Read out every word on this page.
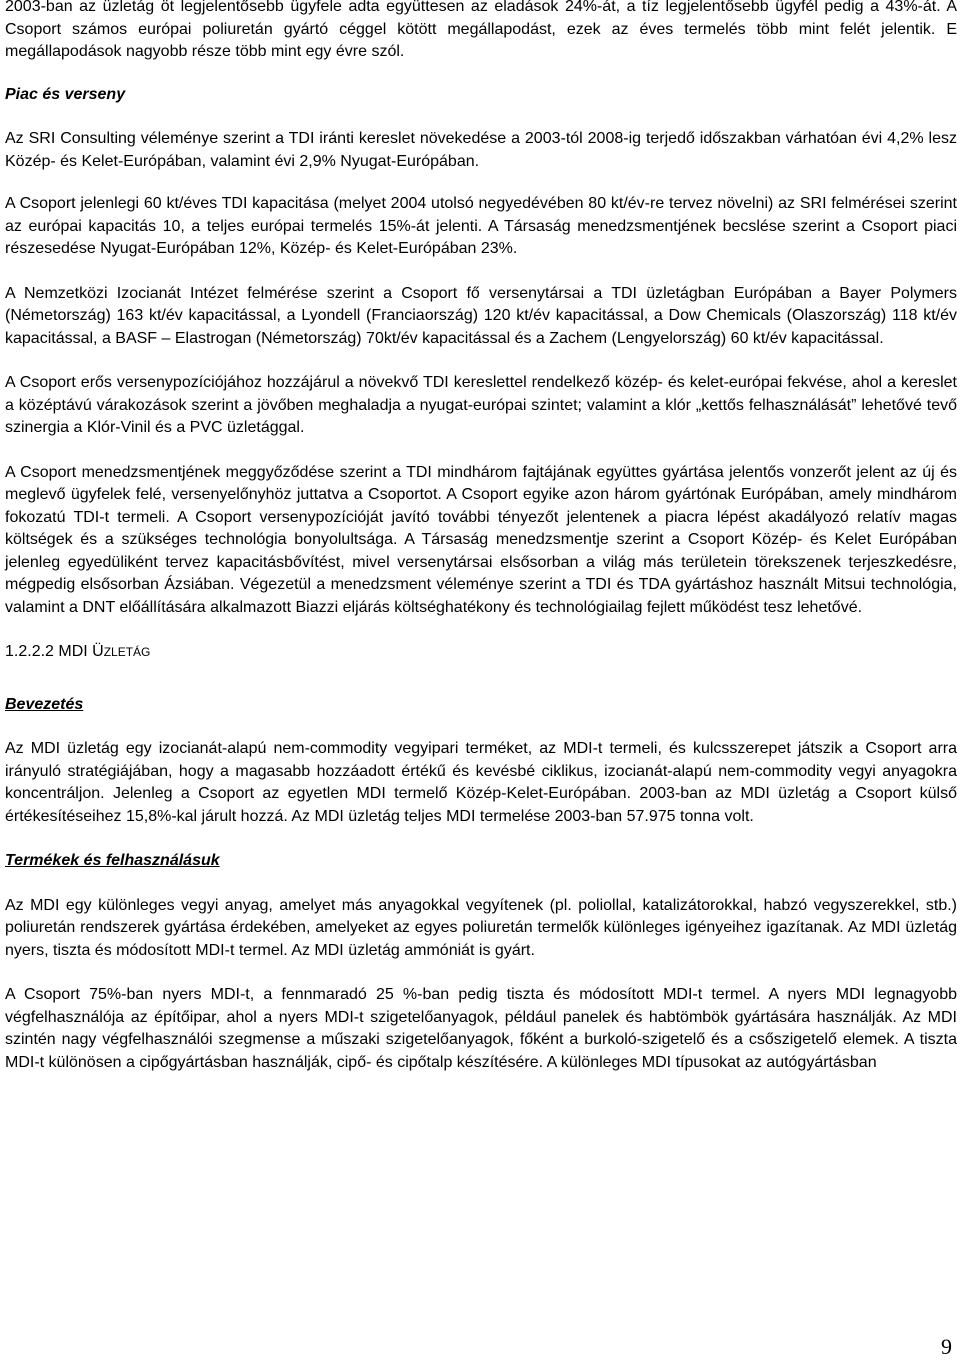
2003-ban az üzletág öt legjelentősebb ügyfele adta együttesen az eladások 24%-át, a tíz legjelentősebb ügyfél pedig a 43%-át. A Csoport számos európai poliuretán gyártó céggel kötött megállapodást, ezek az éves termelés több mint felét jelentik. E megállapodások nagyobb része több mint egy évre szól.

Piac és verseny

Az SRI Consulting véleménye szerint a TDI iránti kereslet növekedése a 2003-tól 2008-ig terjedő időszakban várhatóan évi 4,2% lesz Közép- és Kelet-Európában, valamint évi 2,9% Nyugat-Európában.

A Csoport jelenlegi 60 kt/éves TDI kapacitása (melyet 2004 utolsó negyedévében 80 kt/év-re tervez növelni) az SRI felmérései szerint az európai kapacitás 10, a teljes európai termelés 15%-át jelenti. A Társaság menedzsmentjének becslése szerint a Csoport piaci részesedése Nyugat-Európában 12%, Közép- és Kelet-Európában 23%.

A Nemzetközi Izocianát Intézet felmérése szerint a Csoport fő versenytársai a TDI üzletágban Európában a Bayer Polymers (Németország) 163 kt/év kapacitással, a Lyondell (Franciaország) 120 kt/év kapacitással, a Dow Chemicals (Olaszország) 118 kt/év kapacitással, a BASF – Elastrogan (Németország) 70kt/év kapacitással és a Zachem (Lengyelország) 60 kt/év kapacitással.

A Csoport erős versenypozíciójához hozzájárul a növekvő TDI kereslettel rendelkező közép- és kelet-európai fekvése, ahol a kereslet a középtávú várakozások szerint a jövőben meghaladja a nyugat-európai szintet; valamint a klór „kettős felhasználását” lehetővé tevő szinergia a Klór-Vinil és a PVC üzletággal.

A Csoport menedzsmentjének meggyőződése szerint a TDI mindhárom fajtájának együttes gyártása jelentős vonzerőt jelent az új és meglevő ügyfelek felé, versenyelőnyhöz juttatva a Csoportot. A Csoport egyike azon három gyártónak Európában, amely mindhárom fokozatú TDI-t termeli. A Csoport versenypozícióját javító további tényezőt jelentenek a piacra lépést akadályozó relatív magas költségek és a szükséges technológia bonyolultsága. A Társaság menedzsmentje szerint a Csoport Közép- és Kelet Európában jelenleg egyedüliként tervez kapacitásbővítést, mivel versenytársai elsősorban a világ más területein törekszenek terjeszkedésre, mégpedig elsősorban Ázsiában. Végezetül a menedzsment véleménye szerint a TDI és TDA gyártáshoz használt Mitsui technológia, valamint a DNT előállítására alkalmazott Biazzi eljárás költséghatékony és technológiailag fejlett működést tesz lehetővé.

1.2.2.2 MDI ÜZLETÁG
Bevezetés

Az MDI üzletág egy izocianát-alapú nem-commodity vegyipari terméket, az MDI-t termeli, és kulcsszerepet játszik a Csoport arra irányuló stratégiájában, hogy a magasabb hozzáadott értékű és kevésbé ciklikus, izocianát-alapú nem-commodity vegyi anyagokra koncentráljon. Jelenleg a Csoport az egyetlen MDI termelő Közép-Kelet-Európában. 2003-ban az MDI üzletág a Csoport külső értékesítéseihez 15,8%-kal járult hozzá. Az MDI üzletág teljes MDI termelése 2003-ban 57.975 tonna volt.

Termékek és felhasználásuk

Az MDI egy különleges vegyi anyag, amelyet más anyagokkal vegyítenek (pl. poliollal, katalizátorokkal, habzó vegyszerekkel, stb.) poliuretán rendszerek gyártása érdekében, amelyeket az egyes poliuretán termelők különleges igényeihez igazítanak. Az MDI üzletág nyers, tiszta és módosított MDI-t termel. Az MDI üzletág ammóniát is gyárt.

A Csoport 75%-ban nyers MDI-t, a fennmaradó 25 %-ban pedig tiszta és módosított MDI-t termel. A nyers MDI legnagyobb végfelhasználója az építőipar, ahol a nyers MDI-t szigetelőanyagok, például panelek és habtömbök gyártására használják. Az MDI szintén nagy végfelhasználói szegmense a műszaki szigetelőanyagok, főként a burkoló-szigetelő és a csőszigetelő elemek. A tiszta MDI-t különösen a cipőgyártásban használják, cipő- és cipőtalp készítésére. A különleges MDI típusokat az autógyártásban

9
